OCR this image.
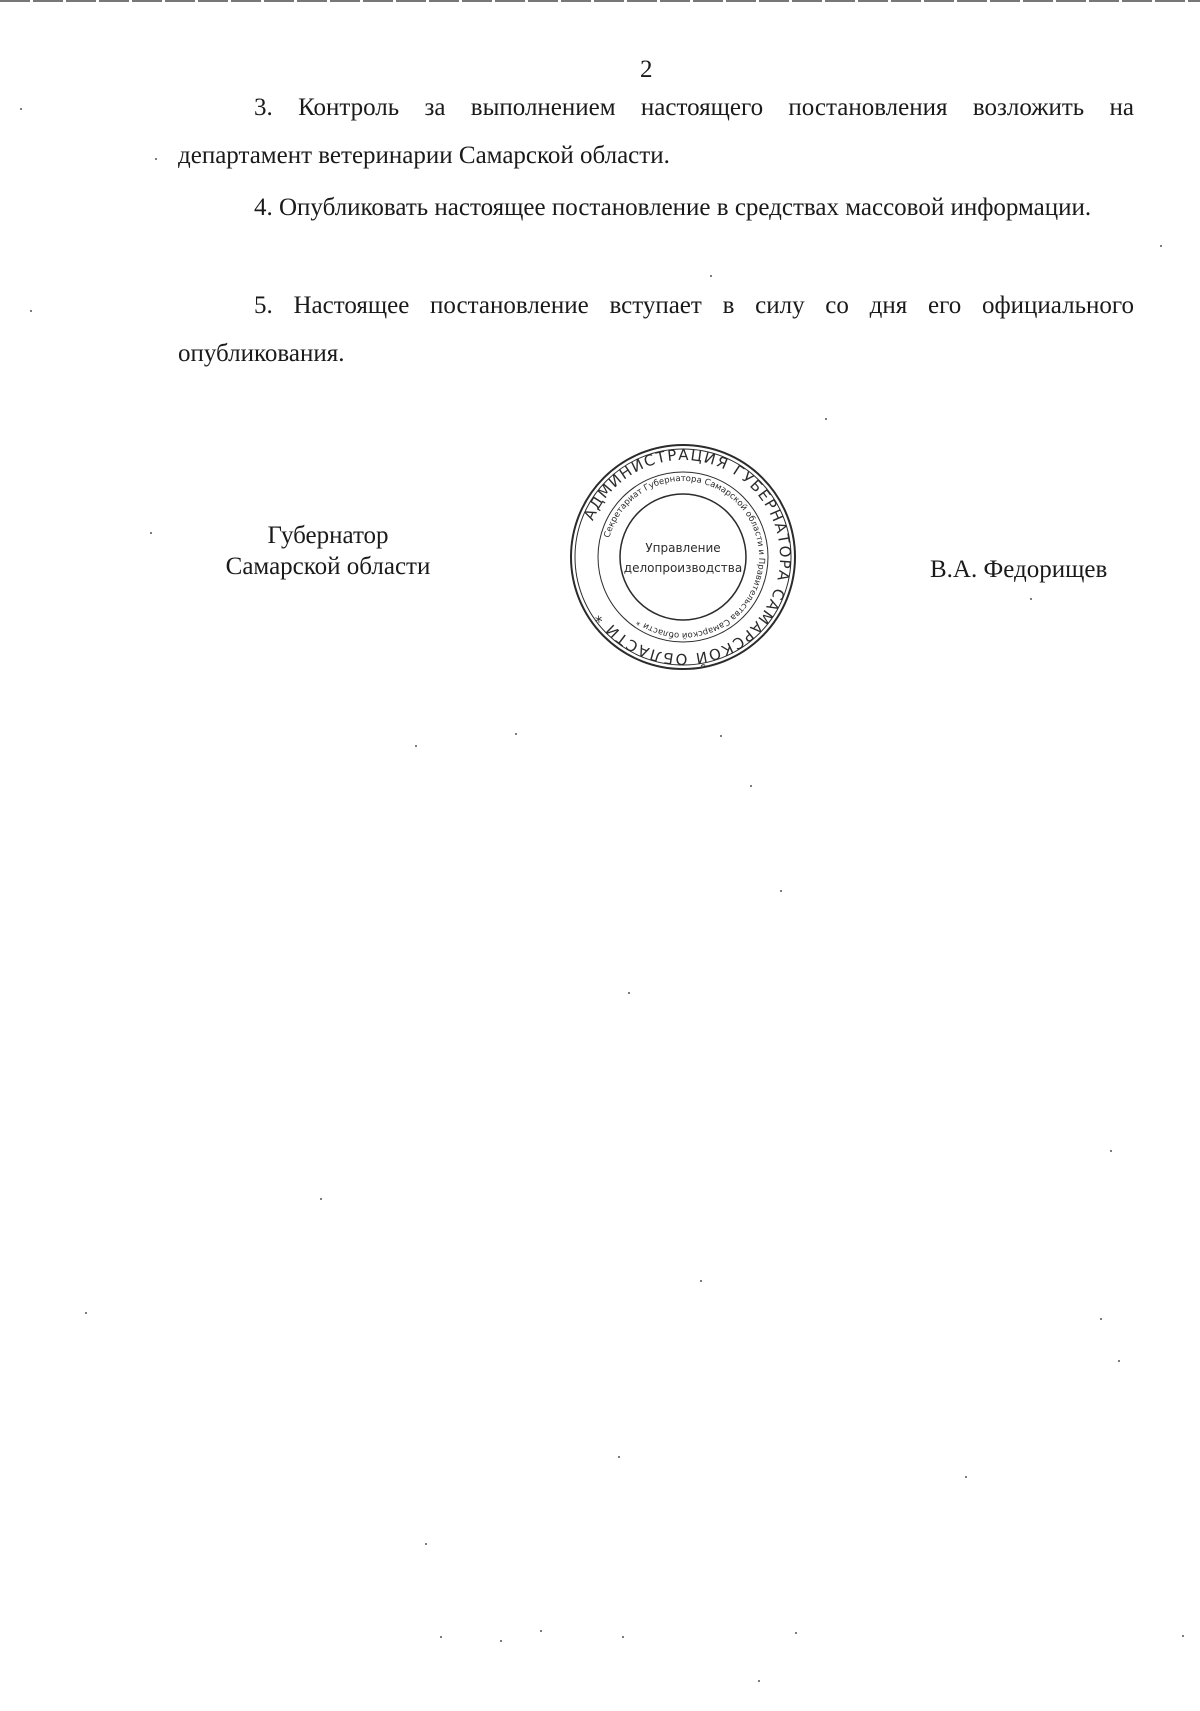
2

3. Контроль за выполнением настоящего постановления возложить на департамент ветеринарии Самарской области.

4. Опубликовать настоящее постановление в средствах массовой информации.

5. Настоящее постановление вступает в силу со дня его официального опубликования.

Губернатор
Самарской области
АДМИНИСТРАЦИЯ ГУБЕРНАТОРА САМАРСКОЙ ОБЛАСТИ *
Секретариат Губернатора Самарской области и Правительства Самарской области *
Управление
делопроизводства	В.А. Федорищев
